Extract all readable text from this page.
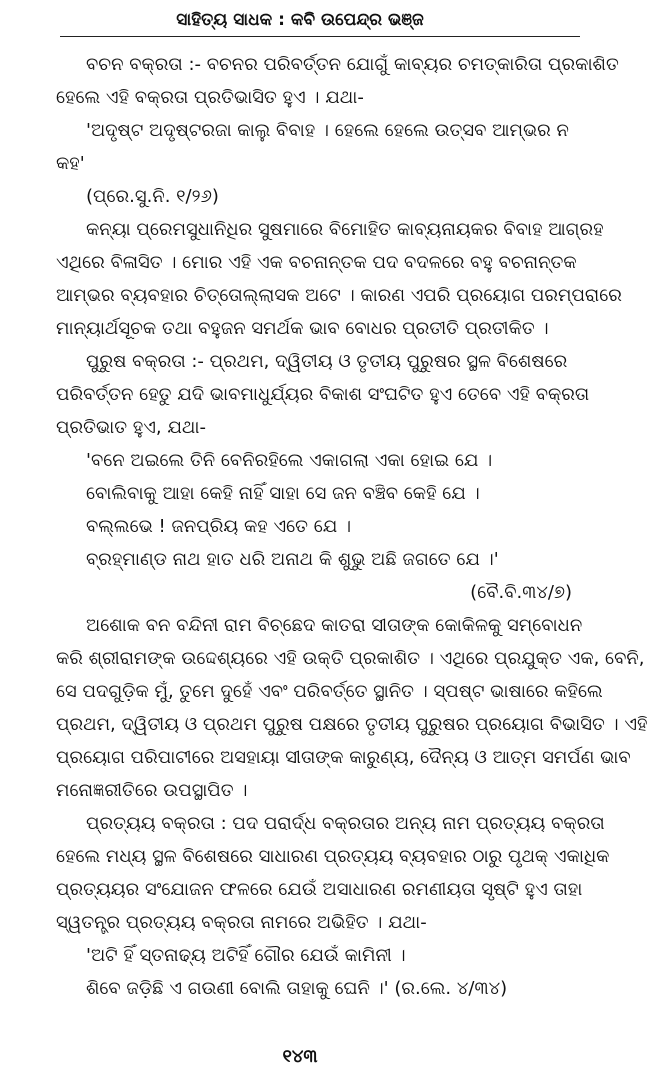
ସାହିତ୍ୟ ସାଧକ : କବି ଉପେନ୍ଦ୍ର ଭଞ୍ଜ
ବଚନ ବକ୍ରତା :- ବଚନର ପରିବର୍ତ୍ତନ ଯୋଗୁଁ କାବ୍ୟର ଚମତ୍କାରିତା ପ୍ରକାଶିତ
ହେଲେ ଏହି ବକ୍ରତା ପ୍ରତିଭାସିତ ହୁଏ । ଯଥା-
'ଅଦୃଷ୍ଟ ଅଦୃଷ୍ଟରଜା କାଲୁ ବିବାହ । ହେଲେ ହେଲେ ଉତ୍ସବ ଆମ୍ଭର ନ
କହ'
(ପ୍ରେ.ସୁ.ନି. ୧/୨୬)
କନ୍ୟା ପ୍ରେମସୁଧାନିଧିର ସୁଷମାରେ ବିମୋହିତ କାବ୍ୟନାୟକର ବିବାହ ଆଗ୍ରହ
ଏଥିରେ ବିଳାସିତ । ମୋର ଏହି ଏକ ବଚନାନ୍ତକ ପଦ ବଦଳରେ ବହୁ ବଚନାନ୍ତକ
ଆମ୍ଭର ବ୍ୟବହାର ଚିତ୍ତୋଲ୍ଲାସକ ଅଟେ । କାରଣ ଏପରି ପ୍ରୟୋଗ ପରମ୍ପରାରେ
ମାନ୍ୟାର୍ଥସୂଚକ ତଥା ବହୁଜନ ସମର୍ଥକ ଭାବ ବୋଧର ପ୍ରତୀତି ପ୍ରତୀକିତ ।
ପୁରୁଷ ବକ୍ରତା :- ପ୍ରଥମ, ଦ୍ୱିତୀୟ ଓ ତୃତୀୟ ପୁରୁଷର ସ୍ଥଳ ବିଶେଷରେ
ପରିବର୍ତ୍ତନ ହେତୁ ଯଦି ଭାବମାଧୁର୍ଯ୍ୟର ବିକାଶ ସଂଘଟିତ ହୁଏ ତେବେ ଏହି ବକ୍ରତା
ପ୍ରତିଭାତ ହୁଏ, ଯଥା-
'ବନେ ଅଇଲେ ତିନି ବେନିରହିଲେ ଏକାଗଲା ଏକା ହୋଇ ଯେ ।
ବୋଲିବାକୁ ଆହା କେହି ନାହିଁ ସାହା ସେ ଜନ ବଞ୍ଚିବ କେହି ଯେ ।
ବଲ୍ଲଭେ ! ଜନପ୍ରିୟ କହ ଏତେ ଯେ ।
ବ୍ରହ୍ମାଣ୍ଡ ନାଥ ହାତ ଧରି ଅନାଥ କି ଶୁଭୁ ଅଛି ଜଗତେ ଯେ ।'
(ବୈ.ବି.୩୪/୭)
ଅଶୋକ ବନ ବନ୍ଦିନୀ ରାମ ବିଚ୍ଛେଦ କାତରା ସୀତାଙ୍କ କୋକିଳକୁ ସମ୍ବୋଧନ
କରି ଶ୍ରୀରାମଙ୍କ ଉଦ୍ଦେଶ୍ୟରେ ଏହି ଉକ୍ତି ପ୍ରକାଶିତ । ଏଥିରେ ପ୍ରଯୁକ୍ତ ଏକ, ବେନି,
ସେ ପଦଗୁଡ଼ିକ ମୁଁ, ତୁମେ ଦୁହେଁ ଏବଂ ପରିବର୍ତ୍ତେ ସ୍ଥାନିତ । ସ୍ପଷ୍ଟ ଭାଷାରେ କହିଲେ
ପ୍ରଥମ, ଦ୍ୱିତୀୟ ଓ ପ୍ରଥମ ପୁରୁଷ ପକ୍ଷରେ ତୃତୀୟ ପୁରୁଷର ପ୍ରୟୋଗ ବିଭାସିତ । ଏହି
ପ୍ରୟୋଗ ପରିପାଟୀରେ ଅସହାୟା ସୀତାଙ୍କ କାରୁଣ୍ୟ, ଦୈନ୍ୟ ଓ ଆତ୍ମ ସମର୍ପଣ ଭାବ
ମନୋଜ୍ଞରୀତିରେ ଉପସ୍ଥାପିତ ।
ପ୍ରତ୍ୟୟ ବକ୍ରତା : ପଦ ପରାର୍ଦ୍ଧ ବକ୍ରତାର ଅନ୍ୟ ନାମ ପ୍ରତ୍ୟୟ ବକ୍ରତା
ହେଲେ ମଧ୍ୟ ସ୍ଥଳ ବିଶେଷରେ ସାଧାରଣ ପ୍ରତ୍ୟୟ ବ୍ୟବହାର ଠାରୁ ପୃଥକ୍ ଏକାଧିକ
ପ୍ରତ୍ୟୟର ସଂଯୋଜନ ଫଳରେ ଯେଉଁ ଅସାଧାରଣ ରମଣୀୟତା ସୃଷ୍ଟି ହୁଏ ତାହା
ସ୍ୱତନ୍ତ୍ର ପ୍ରତ୍ୟୟ ବକ୍ରତା ନାମରେ ଅଭିହିତ । ଯଥା-
'ଅଟି ହିଁ ସ୍ତନାଢ୍ୟ ଅଟିହିଁ ଗୌର ଯେଉଁ କାମିନୀ ।
ଶିବେ ଜଡ଼ିଛି ଏ ଗଉଣୀ ବୋଲି ତାହାକୁ ଘେନି ।' (ର.ଲେ. ୪/୩୪)
୧୪୩
